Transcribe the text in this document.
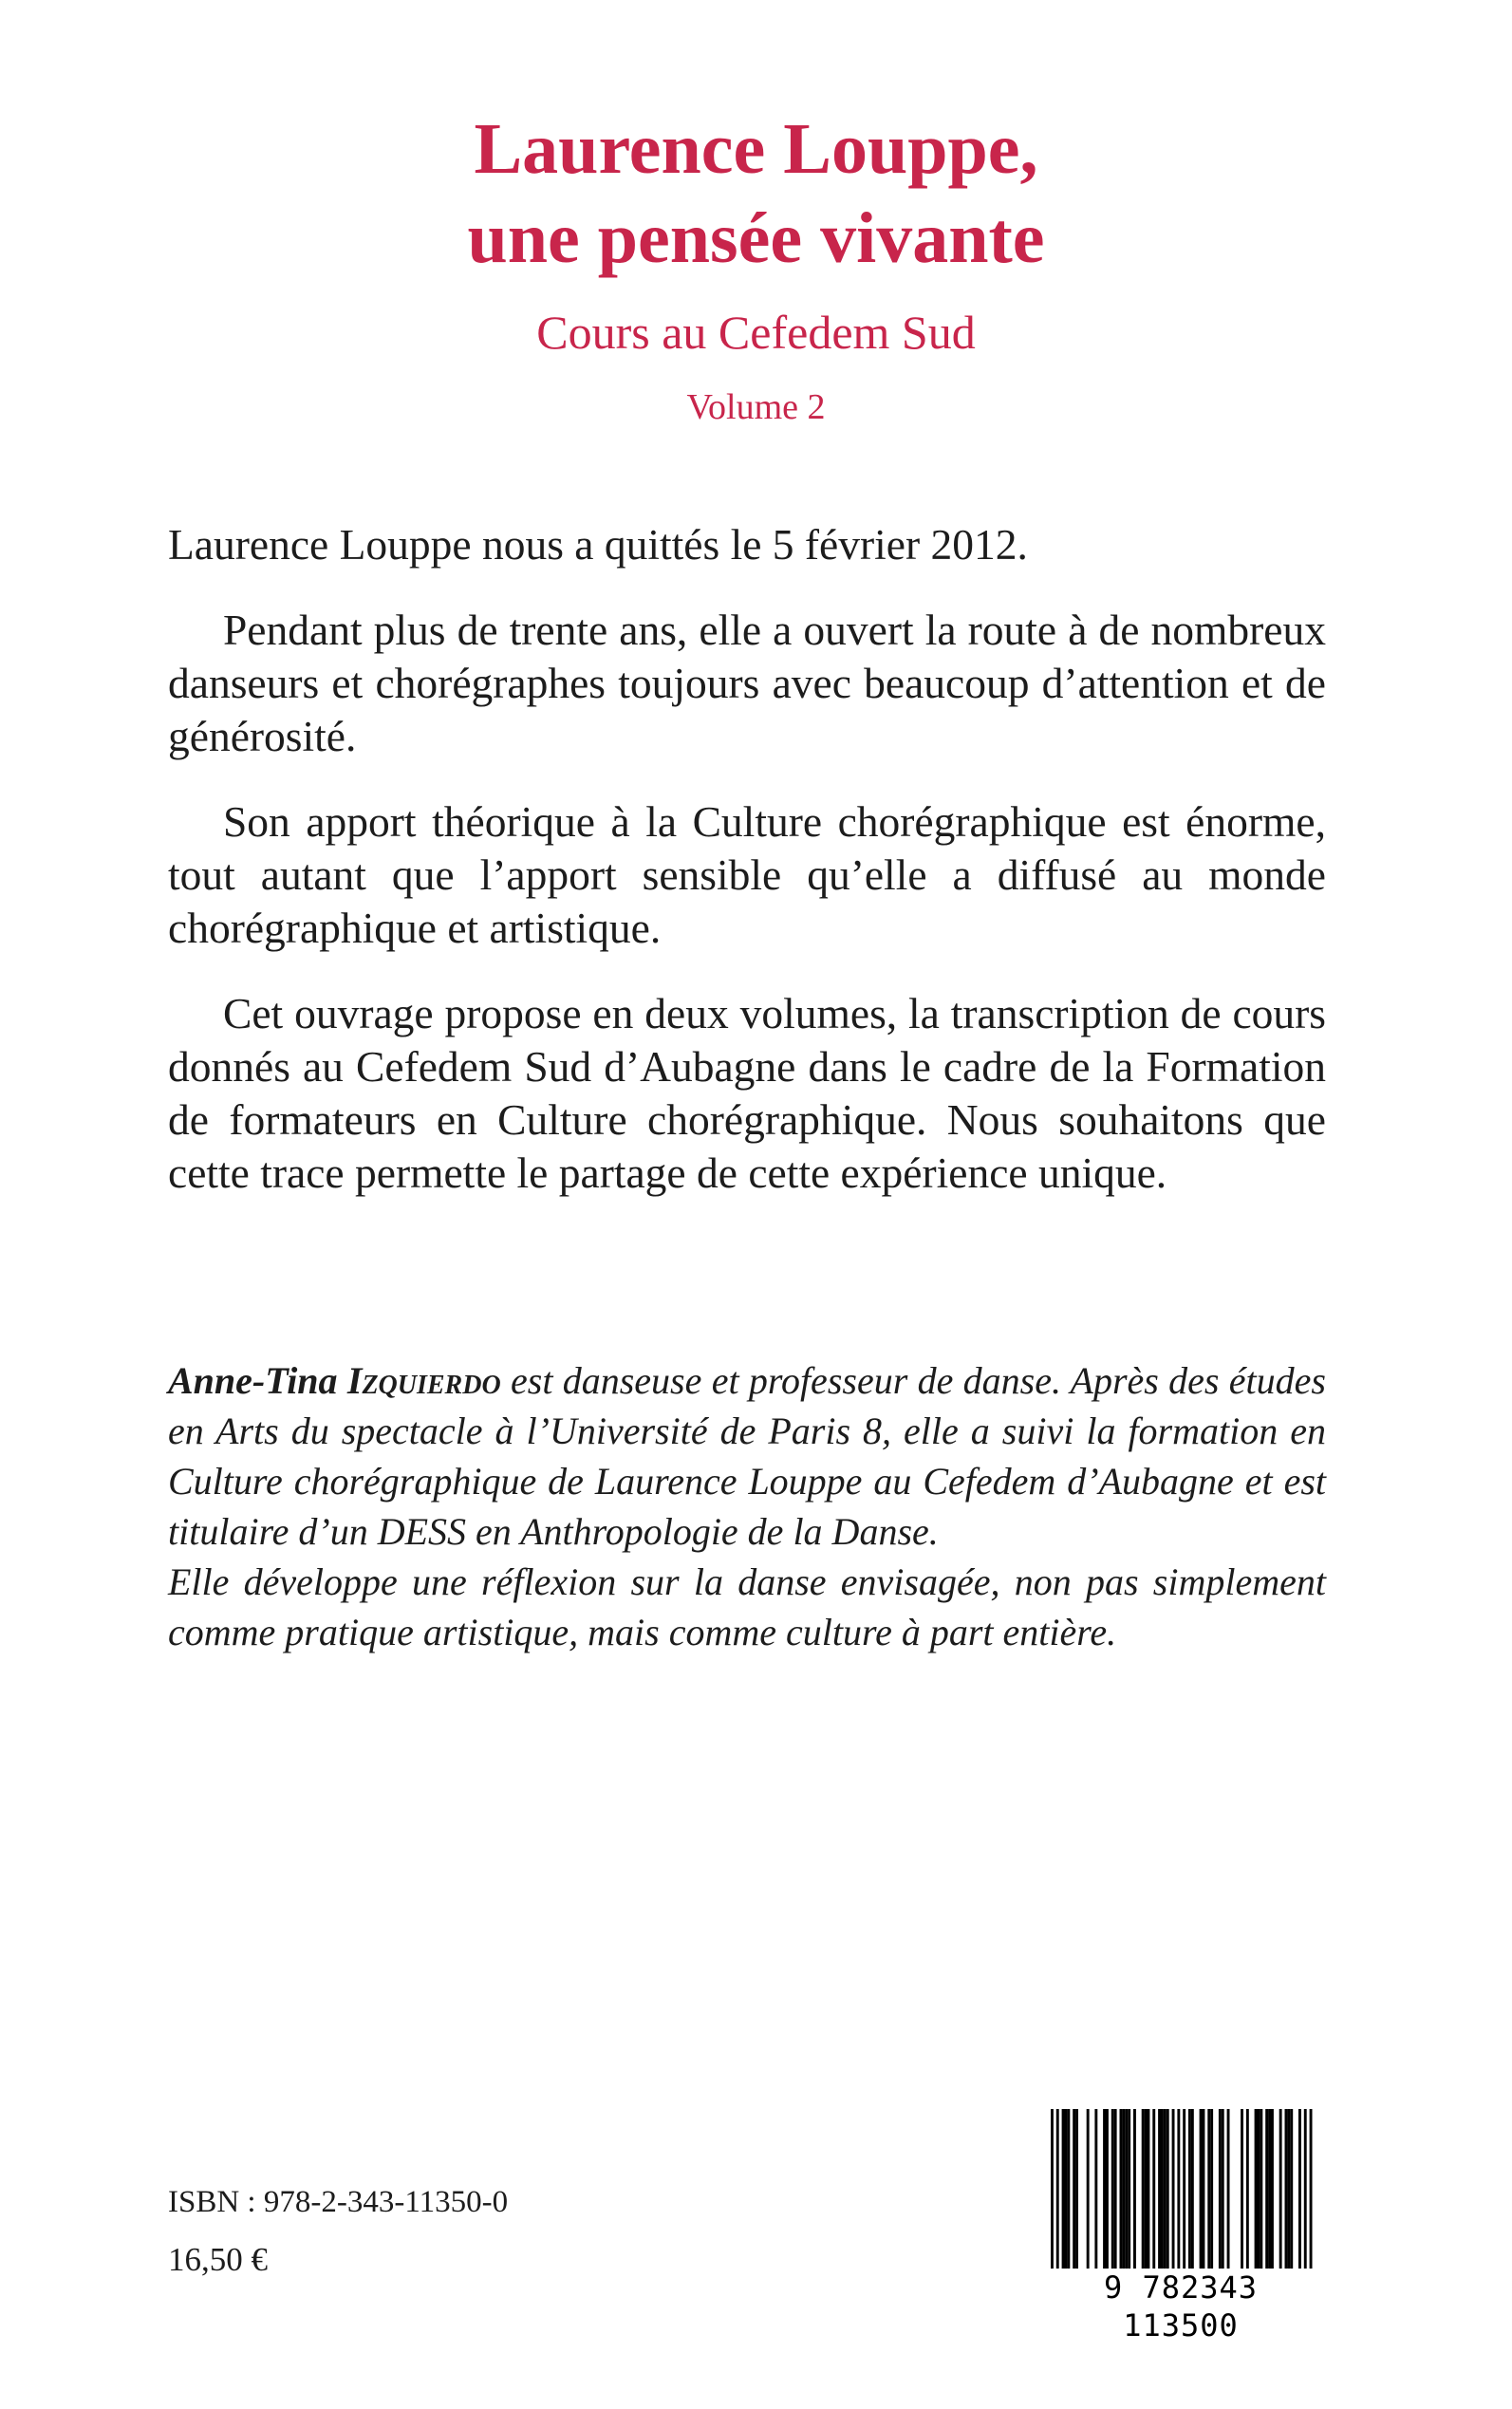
Laurence Louppe,
une pensée vivante
Cours au Cefedem Sud
Volume 2

Laurence Louppe nous a quittés le 5 février 2012.

Pendant plus de trente ans, elle a ouvert la route à de nombreux danseurs et chorégraphes toujours avec beaucoup d’attention et de générosité.

Son apport théorique à la Culture chorégraphique est énorme, tout autant que l’apport sensible qu’elle a diffusé au monde chorégraphique et artistique.

Cet ouvrage propose en deux volumes, la transcription de cours donnés au Cefedem Sud d’Aubagne dans le cadre de la Formation de formateurs en Culture chorégraphique. Nous souhaitons que cette trace permette le partage de cette expérience unique.

Anne-Tina Izquierdo est danseuse et professeur de danse. Après des études en Arts du spectacle à l’Université de Paris 8, elle a suivi la formation en Culture chorégraphique de Laurence Louppe au Cefedem d’Aubagne et est titulaire d’un DESS en Anthropologie de la Danse.

Elle développe une réflexion sur la danse envisagée, non pas simplement comme pratique artistique, mais comme culture à part entière.

ISBN : 978-2-343-11350-0
16,50 €
9 782343 113500
